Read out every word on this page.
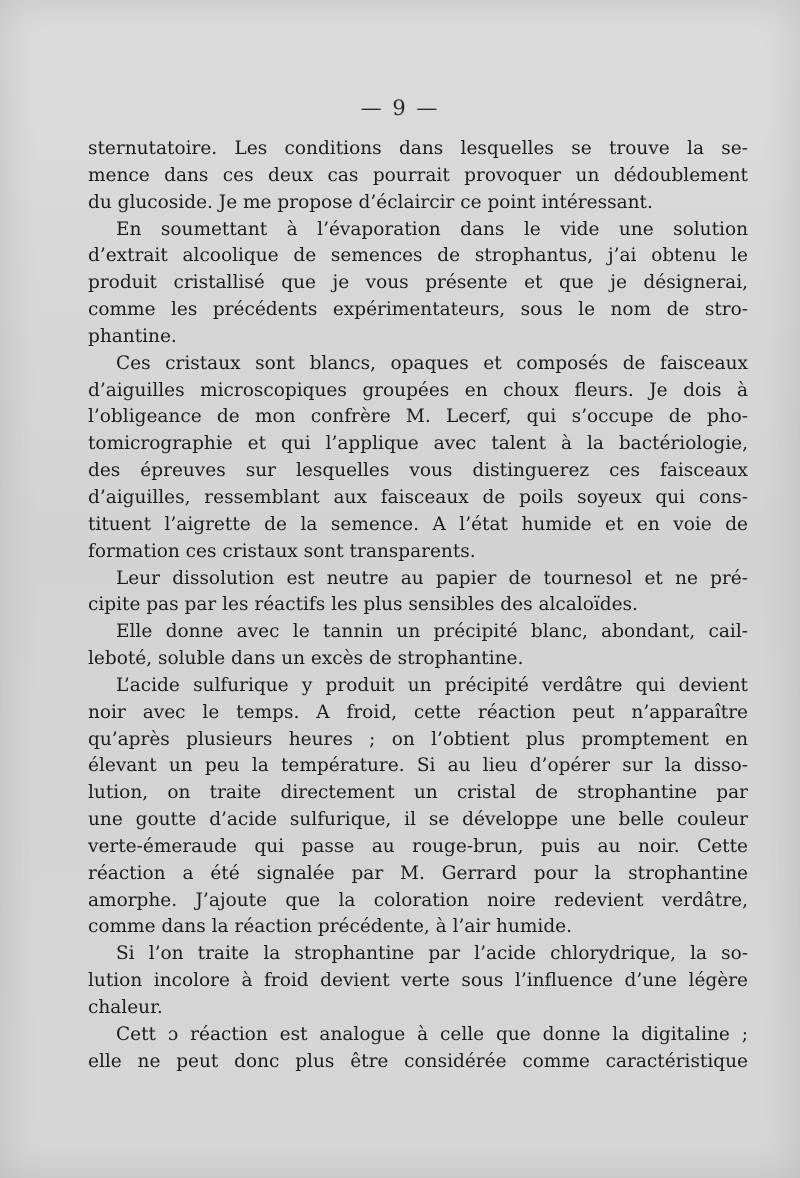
— 9 —
sternutatoire. Les conditions dans lesquelles se trouve la se-
mence dans ces deux cas pourrait provoquer un dédoublement
du glucoside. Je me propose d’éclaircir ce point intéressant.
En soumettant à l’évaporation dans le vide une solution
d’extrait alcoolique de semences de strophantus, j’ai obtenu le
produit cristallisé que je vous présente et que je désignerai,
comme les précédents expérimentateurs, sous le nom de stro-
phantine.
Ces cristaux sont blancs, opaques et composés de faisceaux
d’aiguilles microscopiques groupées en choux fleurs. Je dois à
l’obligeance de mon confrère M. Lecerf, qui s’occupe de pho-
tomicrographie et qui l’applique avec talent à la bactériologie,
des épreuves sur lesquelles vous distinguerez ces faisceaux
d’aiguilles, ressemblant aux faisceaux de poils soyeux qui cons-
tituent l’aigrette de la semence. A l’état humide et en voie de
formation ces cristaux sont transparents.
Leur dissolution est neutre au papier de tournesol et ne pré-
cipite pas par les réactifs les plus sensibles des alcaloïdes.
Elle donne avec le tannin un précipité blanc, abondant, cail-
leboté, soluble dans un excès de strophantine.
L’acide sulfurique y produit un précipité verdâtre qui devient
noir avec le temps. A froid, cette réaction peut n’apparaître
qu’après plusieurs heures ; on l’obtient plus promptement en
élevant un peu la température. Si au lieu d’opérer sur la disso-
lution, on traite directement un cristal de strophantine par
une goutte d’acide sulfurique, il se développe une belle couleur
verte-émeraude qui passe au rouge-brun, puis au noir. Cette
réaction a été signalée par M. Gerrard pour la strophantine
amorphe. J’ajoute que la coloration noire redevient verdâtre,
comme dans la réaction précédente, à l’air humide.
Si l’on traite la strophantine par l’acide chlorydrique, la so-
lution incolore à froid devient verte sous l’influence d’une légère
chaleur.
Cett ɔ réaction est analogue à celle que donne la digitaline ;
elle ne peut donc plus être considérée comme caractéristique
